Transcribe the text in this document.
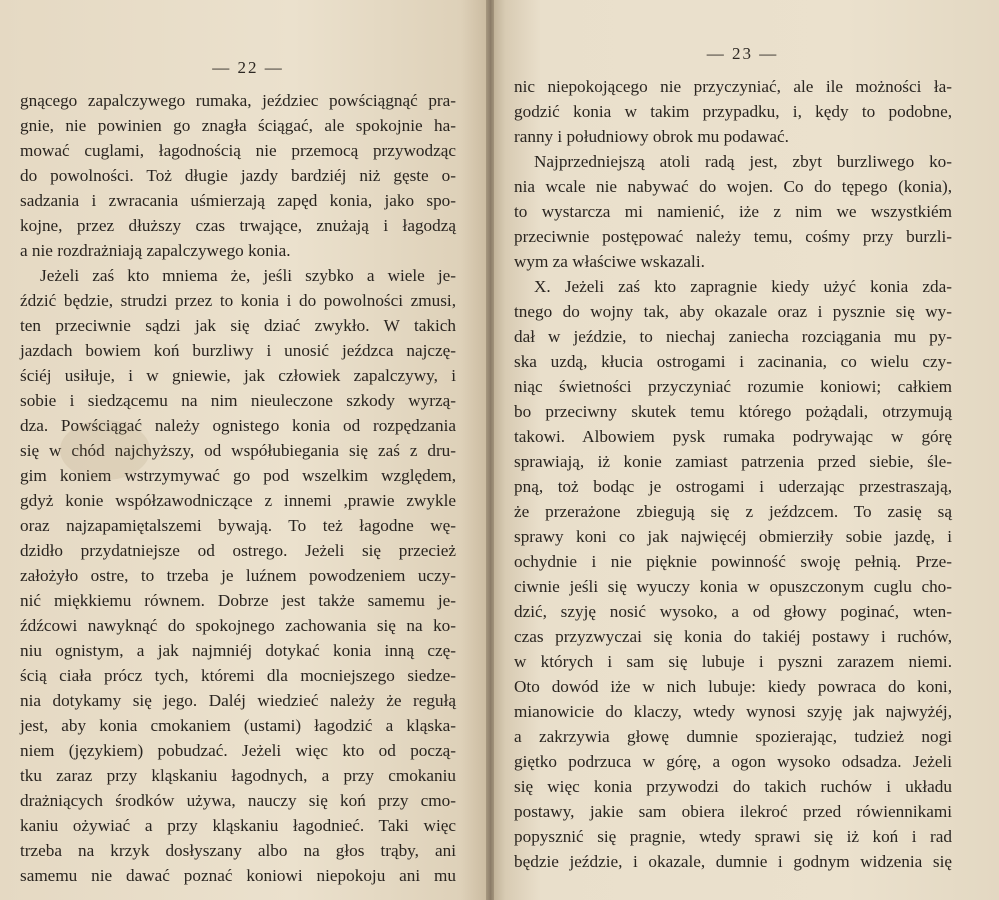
— 22 —
gnącego zapalczywego rumaka, jeździec powściągnąć pra-
gnie, nie powinien go znagła ściągać, ale spokojnie ha-
mować cuglami, łagodnością nie przemocą przywodząc
do powolności. Toż długie jazdy bardziéj niż gęste o-
sadzania i zwracania uśmierzają zapęd konia, jako spo-
kojne, przez dłuższy czas trwające, znużają i łagodzą
a nie rozdrażniają zapalczywego konia.
Jeżeli zaś kto mniema że, jeśli szybko a wiele je-
ździć będzie, strudzi przez to konia i do powolności zmusi,
ten przeciwnie sądzi jak się dziać zwykło. W takich
jazdach bowiem koń burzliwy i unosić jeźdzca najczę-
ściéj usiłuje, i w gniewie, jak człowiek zapalczywy, i
sobie i siedzącemu na nim nieuleczone szkody wyrzą-
dza. Powściągać należy ognistego konia od rozpędzania
się w chód najchyższy, od współubiegania się zaś z dru-
gim koniem wstrzymywać go pod wszelkim względem,
gdyż konie współzawodniczące z innemi ,prawie zwykle
oraz najzapamiętalszemi bywają. To też łagodne wę-
dzidło przydatniejsze od ostrego. Jeżeli się przecież
założyło ostre, to trzeba je luźnem powodzeniem uczy-
nić miękkiemu równem. Dobrze jest także samemu je-
źdźcowi nawyknąć do spokojnego zachowania się na ko-
niu ognistym, a jak najmniéj dotykać konia inną czę-
ścią ciała prócz tych, któremi dla mocniejszego siedze-
nia dotykamy się jego. Daléj wiedzieć należy że regułą
jest, aby konia cmokaniem (ustami) łagodzić a kląska-
niem (językiem) pobudzać. Jeżeli więc kto od począ-
tku zaraz przy kląskaniu łagodnych, a przy cmokaniu
drażniących środków używa, nauczy się koń przy cmo-
kaniu ożywiać a przy kląskaniu łagodnieć. Taki więc
trzeba na krzyk dosłyszany albo na głos trąby, ani
samemu nie dawać poznać koniowi niepokoju ani mu
— 23 —
nic niepokojącego nie przyczyniać, ale ile możności ła-
godzić konia w takim przypadku, i, kędy to podobne,
ranny i południowy obrok mu podawać.
Najprzedniejszą atoli radą jest, zbyt burzliwego ko-
nia wcale nie nabywać do wojen. Co do tępego (konia),
to wystarcza mi namienić, iże z nim we wszystkiém
przeciwnie postępować należy temu, cośmy przy burzli-
wym za właściwe wskazali.
X. Jeżeli zaś kto zapragnie kiedy użyć konia zda-
tnego do wojny tak, aby okazale oraz i pysznie się wy-
dał w jeździe, to niechaj zaniecha rozciągania mu py-
ska uzdą, kłucia ostrogami i zacinania, co wielu czy-
niąc świetności przyczyniać rozumie koniowi; całkiem
bo przeciwny skutek temu którego pożądali, otrzymują
takowi. Albowiem pysk rumaka podrywając w górę
sprawiają, iż konie zamiast patrzenia przed siebie, śle-
pną, toż bodąc je ostrogami i uderzając przestraszają,
że przerażone zbiegują się z jeźdzcem. To zasię są
sprawy koni co jak najwięcéj obmierziły sobie jazdę, i
ochydnie i nie pięknie powinność swoję pełnią. Prze-
ciwnie jeśli się wyuczy konia w opuszczonym cuglu cho-
dzić, szyję nosić wysoko, a od głowy poginać, wten-
czas przyzwyczai się konia do takiéj postawy i ruchów,
w których i sam się lubuje i pyszni zarazem niemi.
Oto dowód iże w nich lubuje: kiedy powraca do koni,
mianowicie do klaczy, wtedy wynosi szyję jak najwyżéj,
a zakrzywia głowę dumnie spozierając, tudzież nogi
giętko podrzuca w górę, a ogon wysoko odsadza. Jeżeli
się więc konia przywodzi do takich ruchów i układu
postawy, jakie sam obiera ilekroć przed rówiennikami
popysznić się pragnie, wtedy sprawi się iż koń i rad
będzie jeździe, i okazale, dumnie i godnym widzenia się
